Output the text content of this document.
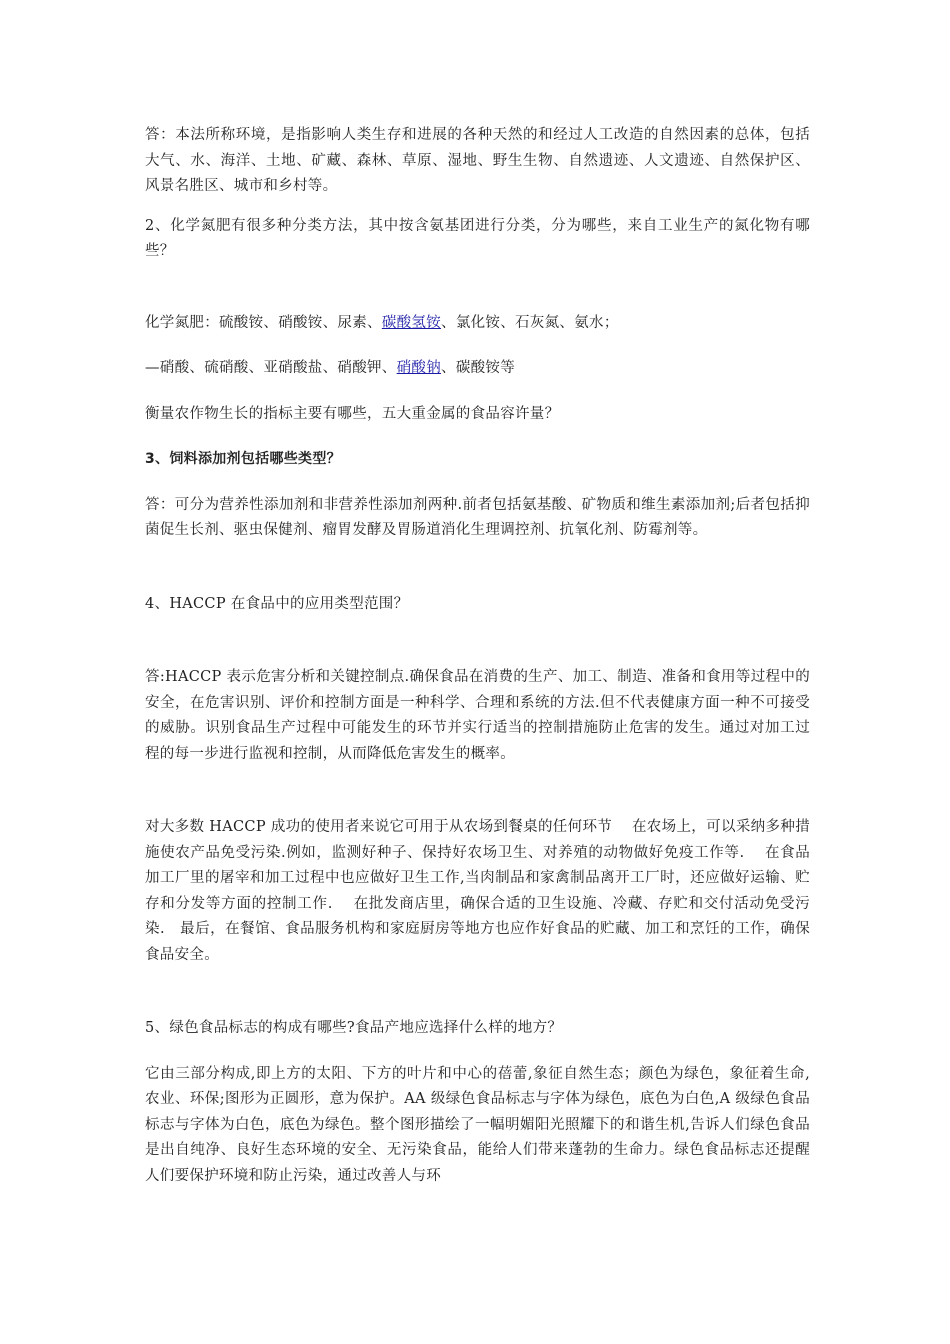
答：本法所称环境，是指影响人类生存和进展的各种天然的和经过人工改造的自然因素的总体，包括大气、水、海洋、土地、矿藏、森林、草原、湿地、野生生物、自然遗迹、人文遗迹、自然保护区、风景名胜区、城市和乡村等。

2、化学氮肥有很多种分类方法，其中按含氨基团进行分类，分为哪些，来自工业生产的氮化物有哪些？

化学氮肥：硫酸铵、硝酸铵、尿素、碳酸氢铵、氯化铵、石灰氮、氨水；

—硝酸、硫硝酸、亚硝酸盐、硝酸钾、硝酸钠、碳酸铵等

衡量农作物生长的指标主要有哪些，五大重金属的食品容许量？

3、饲料添加剂包括哪些类型？

答：可分为营养性添加剂和非营养性添加剂两种.前者包括氨基酸、矿物质和维生素添加剂;后者包括抑菌促生长剂、驱虫保健剂、瘤胃发酵及胃肠道消化生理调控剂、抗氧化剂、防霉剂等。

4、HACCP 在食品中的应用类型范围？

答:HACCP 表示危害分析和关键控制点.确保食品在消费的生产、加工、制造、准备和食用等过程中的安全，在危害识别、评价和控制方面是一种科学、合理和系统的方法.但不代表健康方面一种不可接受的威胁。识别食品生产过程中可能发生的环节并实行适当的控制措施防止危害的发生。通过对加工过程的每一步进行监视和控制，从而降低危害发生的概率。

对大多数 HACCP 成功的使用者来说它可用于从农场到餐桌的任何环节　 在农场上，可以采纳多种措施使农产品免受污染.例如，监测好种子、保持好农场卫生、对养殖的动物做好免疫工作等.　 在食品加工厂里的屠宰和加工过程中也应做好卫生工作,当肉制品和家禽制品离开工厂时，还应做好运输、贮存和分发等方面的控制工作.　 在批发商店里，确保合适的卫生设施、冷藏、存贮和交付活动免受污染.　最后，在餐馆、食品服务机构和家庭厨房等地方也应作好食品的贮藏、加工和烹饪的工作，确保食品安全。

5、绿色食品标志的构成有哪些?食品产地应选择什么样的地方？

它由三部分构成,即上方的太阳、下方的叶片和中心的蓓蕾,象征自然生态；颜色为绿色，象征着生命,农业、环保;图形为正圆形，意为保护。AA 级绿色食品标志与字体为绿色，底色为白色,A 级绿色食品标志与字体为白色，底色为绿色。整个图形描绘了一幅明媚阳光照耀下的和谐生机,告诉人们绿色食品是出自纯净、良好生态环境的安全、无污染食品，能给人们带来蓬勃的生命力。绿色食品标志还提醒人们要保护环境和防止污染，通过改善人与环
